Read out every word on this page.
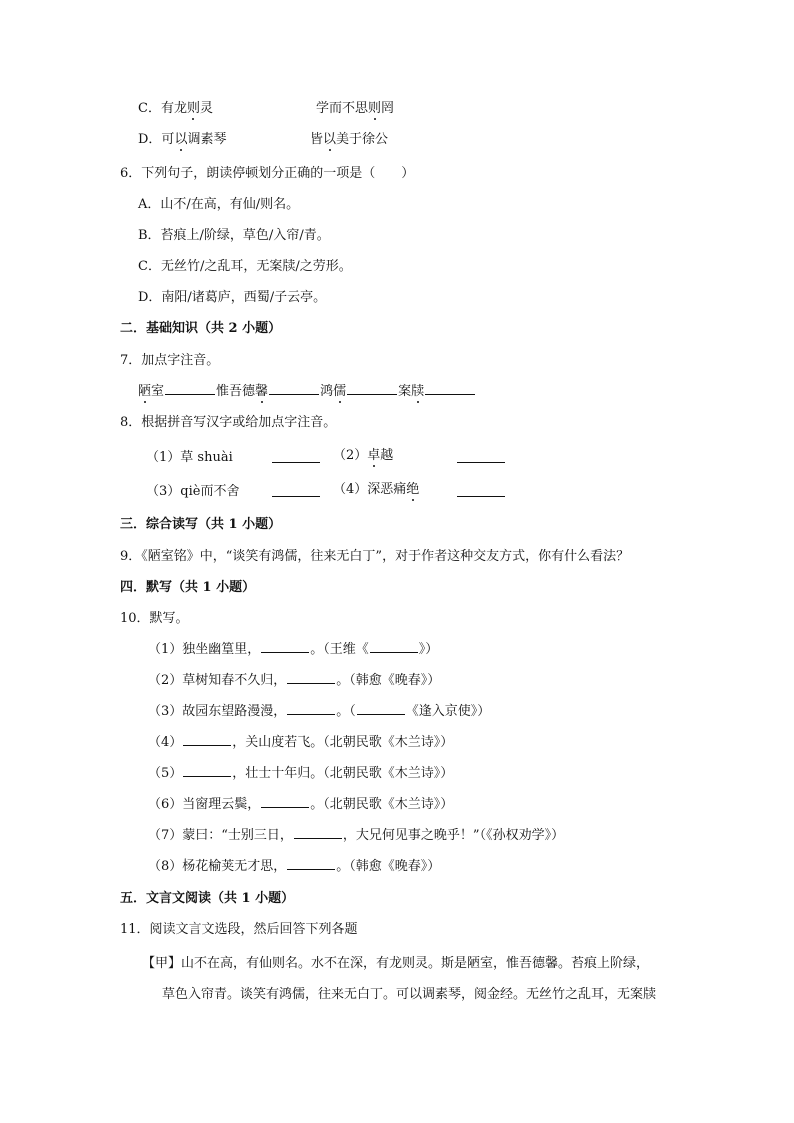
C．有龙则灵	学而不思则罔
D．可以调素琴	皆以美于徐公
6．下列句子，朗读停顿划分正确的一项是（　　）
A．山不/在高，有仙/则名。
B．苔痕上/阶绿，草色/入帘/青。
C．无丝竹/之乱耳，无案牍/之劳形。
D．南阳/诸葛庐，西蜀/子云亭。
二．基础知识（共 2 小题）
7．加点字注音。
陋室	惟吾德馨	鸿儒	案牍
8．根据拼音写汉字或给加点字注音。
（1）草 shuài	（2）卓越
（3）qiè而不舍	（4）深恶痛绝
三．综合读写（共 1 小题）
9．《陋室铭》中，“谈笑有鸿儒，往来无白丁”，对于作者这种交友方式，你有什么看法？
四．默写（共 1 小题）
10．默写。
（1）独坐幽篁里，	。（王维《	》）
（2）草树知春不久归，	。（韩愈《晚春》）
（3）故园东望路漫漫，	。（	《逢入京使》）
（4）	，关山度若飞。（北朝民歌《木兰诗》）
（5）	，壮士十年归。（北朝民歌《木兰诗》）
（6）当窗理云鬓，	。（北朝民歌《木兰诗》）
（7）蒙曰：“士别三日，	，大兄何见事之晚乎！”（《孙权劝学》）
（8）杨花榆荚无才思，	。（韩愈《晚春》）
五．文言文阅读（共 1 小题）
11．阅读文言文选段，然后回答下列各题
【甲】山不在高，有仙则名。水不在深，有龙则灵。斯是陋室，惟吾德馨。苔痕上阶绿，
草色入帘青。谈笑有鸿儒，往来无白丁。可以调素琴，阅金经。无丝竹之乱耳，无案牍
